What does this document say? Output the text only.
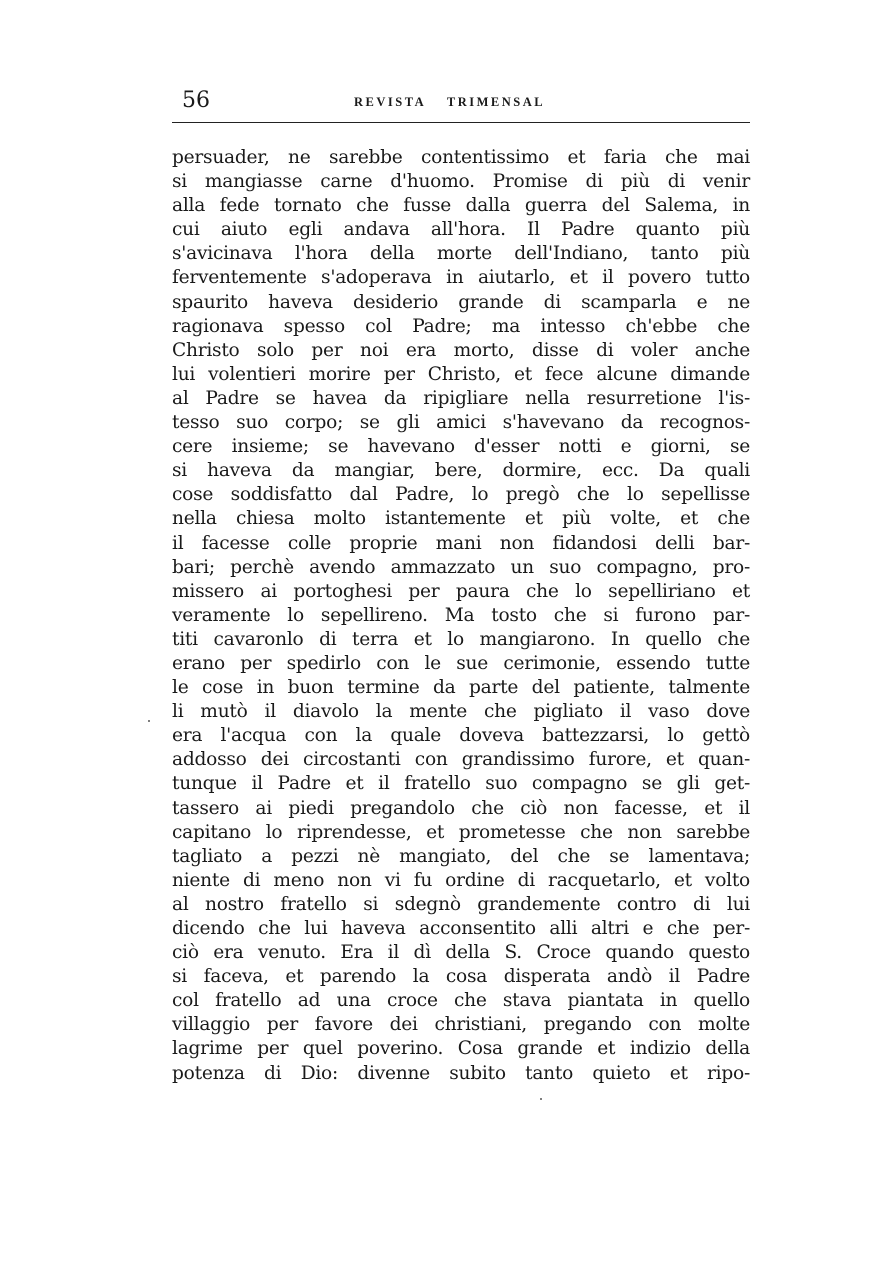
56	REVISTA TRIMENSAL
persuader, ne sarebbe contentissimo et faria che mai
si mangiasse carne d'huomo. Promise di più di venir
alla fede tornato che fusse dalla guerra del Salema, in
cui aiuto egli andava all'hora. Il Padre quanto più
s'avicinava l'hora della morte dell'Indiano, tanto più
ferventemente s'adoperava in aiutarlo, et il povero tutto
spaurito haveva desiderio grande di scamparla e ne
ragionava spesso col Padre; ma intesso ch'ebbe che
Christo solo per noi era morto, disse di voler anche
lui volentieri morire per Christo, et fece alcune dimande
al Padre se havea da ripigliare nella resurretione l'is-
tesso suo corpo; se gli amici s'havevano da recognos-
cere insieme; se havevano d'esser notti e giorni, se
si haveva da mangiar, bere, dormire, ecc. Da quali
cose soddisfatto dal Padre, lo pregò che lo sepellisse
nella chiesa molto istantemente et più volte, et che
il facesse colle proprie mani non fidandosi delli bar-
bari; perchè avendo ammazzato un suo compagno, pro-
missero ai portoghesi per paura che lo sepelliriano et
veramente lo sepellireno. Ma tosto che si furono par-
titi cavaronlo di terra et lo mangiarono. In quello che
erano per spedirlo con le sue cerimonie, essendo tutte
le cose in buon termine da parte del patiente, talmente
li mutò il diavolo la mente che pigliato il vaso dove
era l'acqua con la quale doveva battezzarsi, lo gettò
addosso dei circostanti con grandissimo furore, et quan-
tunque il Padre et il fratello suo compagno se gli get-
tassero ai piedi pregandolo che ciò non facesse, et il
capitano lo riprendesse, et prometesse che non sarebbe
tagliato a pezzi nè mangiato, del che se lamentava;
niente di meno non vi fu ordine di racquetarlo, et volto
al nostro fratello si sdegnò grandemente contro di lui
dicendo che lui haveva acconsentito alli altri e che per-
ciò era venuto. Era il dì della S. Croce quando questo
si faceva, et parendo la cosa disperata andò il Padre
col fratello ad una croce che stava piantata in quello
villaggio per favore dei christiani, pregando con molte
lagrime per quel poverino. Cosa grande et indizio della
potenza di Dio: divenne subito tanto quieto et ripo-
